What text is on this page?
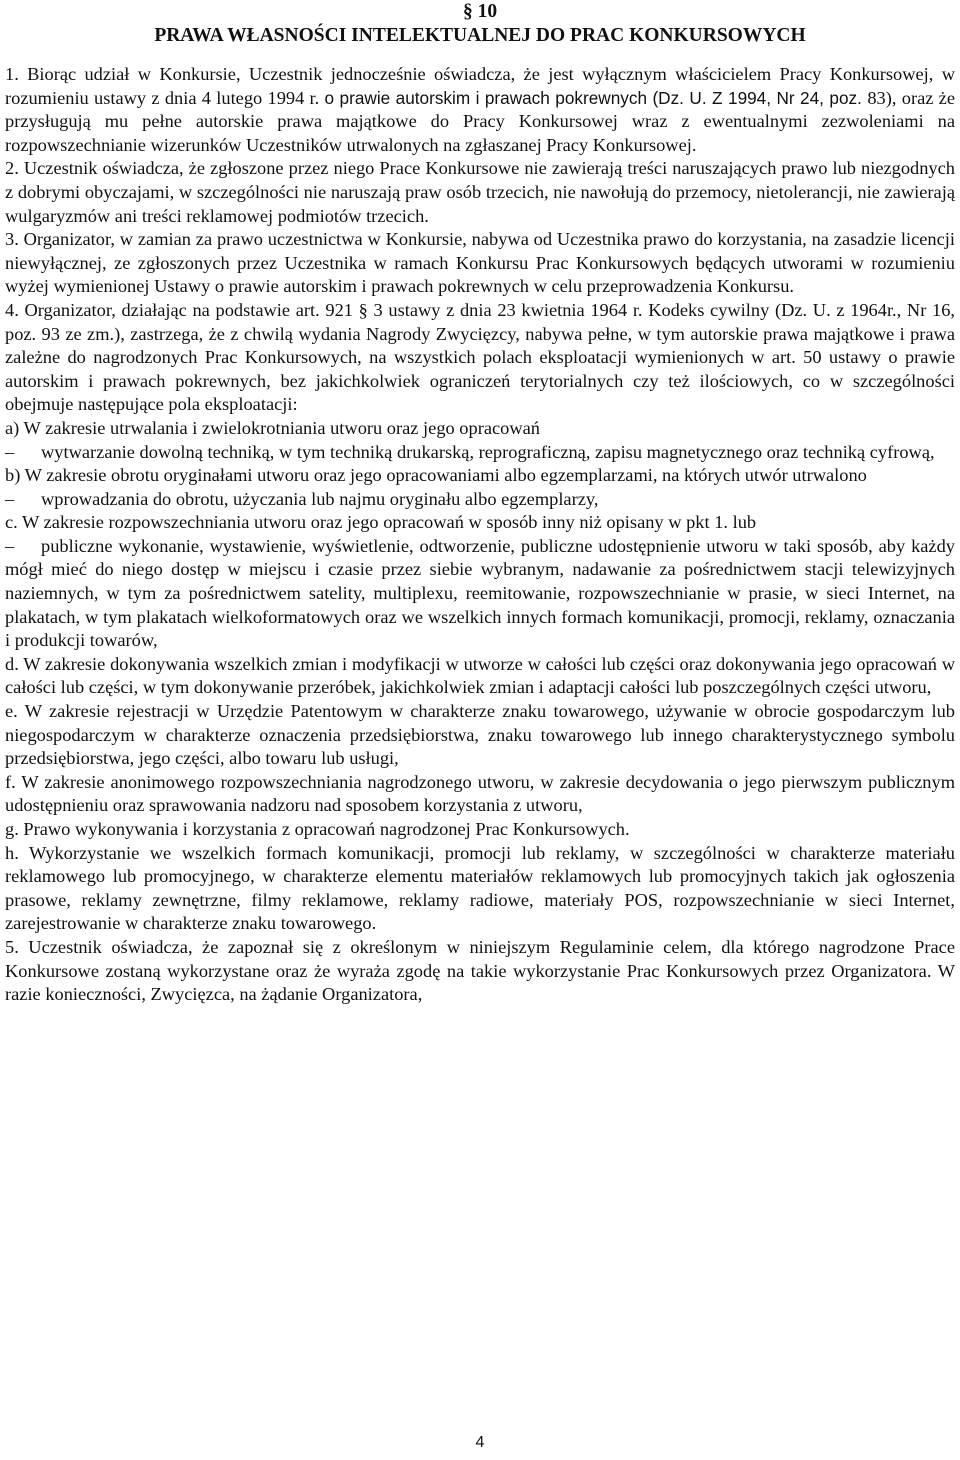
§ 10
PRAWA WŁASNOŚCI INTELEKTUALNEJ DO PRAC KONKURSOWYCH

1. Biorąc udział w Konkursie, Uczestnik jednocześnie oświadcza, że jest wyłącznym właścicielem Pracy Konkursowej, w rozumieniu ustawy z dnia 4 lutego 1994 r. o prawie autorskim i prawach pokrewnych (Dz. U. Z 1994, Nr 24, poz. 83), oraz że przysługują mu pełne autorskie prawa majątkowe do Pracy Konkursowej wraz z ewentualnymi zezwoleniami na rozpowszechnianie wizerunków Uczestników utrwalonych na zgłaszanej Pracy Konkursowej.

2. Uczestnik oświadcza, że zgłoszone przez niego Prace Konkursowe nie zawierają treści naruszających prawo lub niezgodnych z dobrymi obyczajami, w szczególności nie naruszają praw osób trzecich, nie nawołują do przemocy, nietolerancji, nie zawierają wulgaryzmów ani treści reklamowej podmiotów trzecich.

3. Organizator, w zamian za prawo uczestnictwa w Konkursie, nabywa od Uczestnika prawo do korzystania, na zasadzie licencji niewyłącznej, ze zgłoszonych przez Uczestnika w ramach Konkursu Prac Konkursowych będących utworami w rozumieniu wyżej wymienionej Ustawy o prawie autorskim i prawach pokrewnych w celu przeprowadzenia Konkursu.

4. Organizator, działając na podstawie art. 921 § 3 ustawy z dnia 23 kwietnia 1964 r. Kodeks cywilny (Dz. U. z 1964r., Nr 16, poz. 93 ze zm.), zastrzega, że z chwilą wydania Nagrody Zwycięzcy, nabywa pełne, w tym autorskie prawa majątkowe i prawa zależne do nagrodzonych Prac Konkursowych, na wszystkich polach eksploatacji wymienionych w art. 50 ustawy o prawie autorskim i prawach pokrewnych, bez jakichkolwiek ograniczeń terytorialnych czy też ilościowych, co w szczególności obejmuje następujące pola eksploatacji:

a) W zakresie utrwalania i zwielokrotniania utworu oraz jego opracowań

– wytwarzanie dowolną techniką, w tym techniką drukarską, reprograficzną, zapisu magnetycznego oraz techniką cyfrową,

b) W zakresie obrotu oryginałami utworu oraz jego opracowaniami albo egzemplarzami, na których utwór utrwalono

– wprowadzania do obrotu, użyczania lub najmu oryginału albo egzemplarzy,

c. W zakresie rozpowszechniania utworu oraz jego opracowań w sposób inny niż opisany w pkt 1. lub

– publiczne wykonanie, wystawienie, wyświetlenie, odtworzenie, publiczne udostępnienie utworu w taki sposób, aby każdy mógł mieć do niego dostęp w miejscu i czasie przez siebie wybranym, nadawanie za pośrednictwem stacji telewizyjnych naziemnych, w tym za pośrednictwem satelity, multiplexu, reemitowanie, rozpowszechnianie w prasie, w sieci Internet, na plakatach, w tym plakatach wielkoformatowych oraz we wszelkich innych formach komunikacji, promocji, reklamy, oznaczania i produkcji towarów,

d. W zakresie dokonywania wszelkich zmian i modyfikacji w utworze w całości lub części oraz dokonywania jego opracowań w całości lub części, w tym dokonywanie przeróbek, jakichkolwiek zmian i adaptacji całości lub poszczególnych części utworu,

e. W zakresie rejestracji w Urzędzie Patentowym w charakterze znaku towarowego, używanie w obrocie gospodarczym lub niegospodarczym w charakterze oznaczenia przedsiębiorstwa, znaku towarowego lub innego charakterystycznego symbolu przedsiębiorstwa, jego części, albo towaru lub usługi,

f. W zakresie anonimowego rozpowszechniania nagrodzonego utworu, w zakresie decydowania o jego pierwszym publicznym udostępnieniu oraz sprawowania nadzoru nad sposobem korzystania z utworu,

g. Prawo wykonywania i korzystania z opracowań nagrodzonej Prac Konkursowych.

h. Wykorzystanie we wszelkich formach komunikacji, promocji lub reklamy, w szczególności w charakterze materiału reklamowego lub promocyjnego, w charakterze elementu materiałów reklamowych lub promocyjnych takich jak ogłoszenia prasowe, reklamy zewnętrzne, filmy reklamowe, reklamy radiowe, materiały POS, rozpowszechnianie w sieci Internet, zarejestrowanie w charakterze znaku towarowego.

5. Uczestnik oświadcza, że zapoznał się z określonym w niniejszym Regulaminie celem, dla którego nagrodzone Prace Konkursowe zostaną wykorzystane oraz że wyraża zgodę na takie wykorzystanie Prac Konkursowych przez Organizatora. W razie konieczności, Zwycięzca, na żądanie Organizatora,

4
